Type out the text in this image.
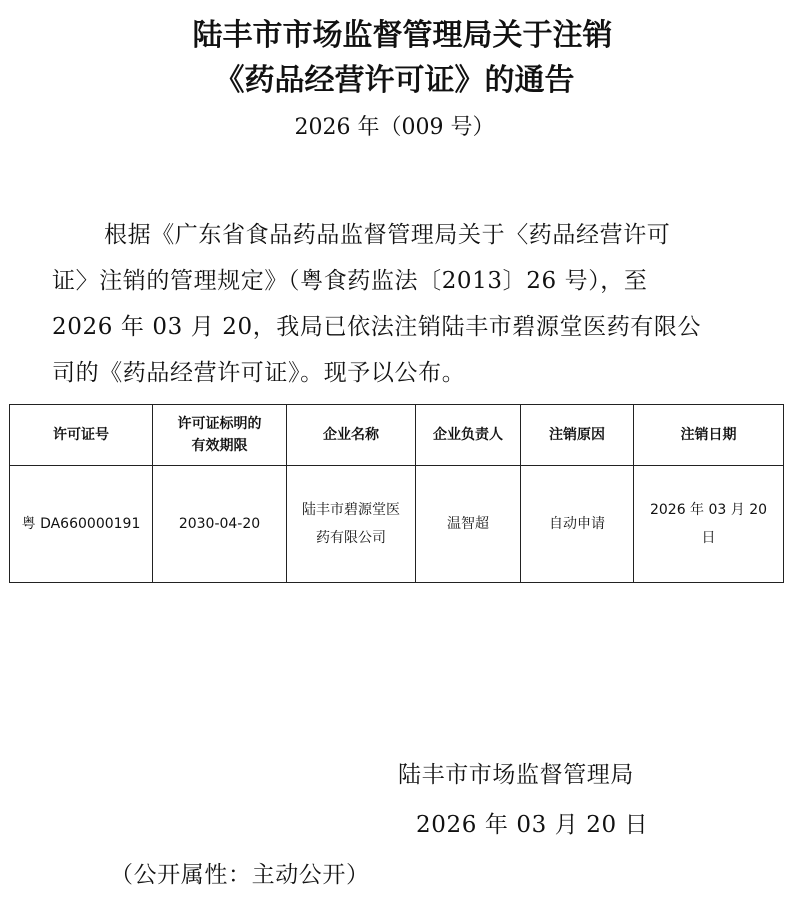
陆丰市市场监督管理局关于注销
《药品经营许可证》的通告
2026 年（009 号）
根据《广东省食品药品监督管理局关于〈药品经营许可
证〉注销的管理规定》（粤食药监法〔2013〕26 号），至
2026 年 03 月 20，我局已依法注销陆丰市碧源堂医药有限公
司的《药品经营许可证》。现予以公布。
许可证号	许可证标明的有效期限	企业名称	企业负责人	注销原因	注销日期
粤 DA660000191	2030-04-20	陆丰市碧源堂医药有限公司	温智超	自动申请	2026 年 03 月 20 日
陆丰市市场监督管理局
2026 年 03 月 20 日
（公开属性：主动公开）
